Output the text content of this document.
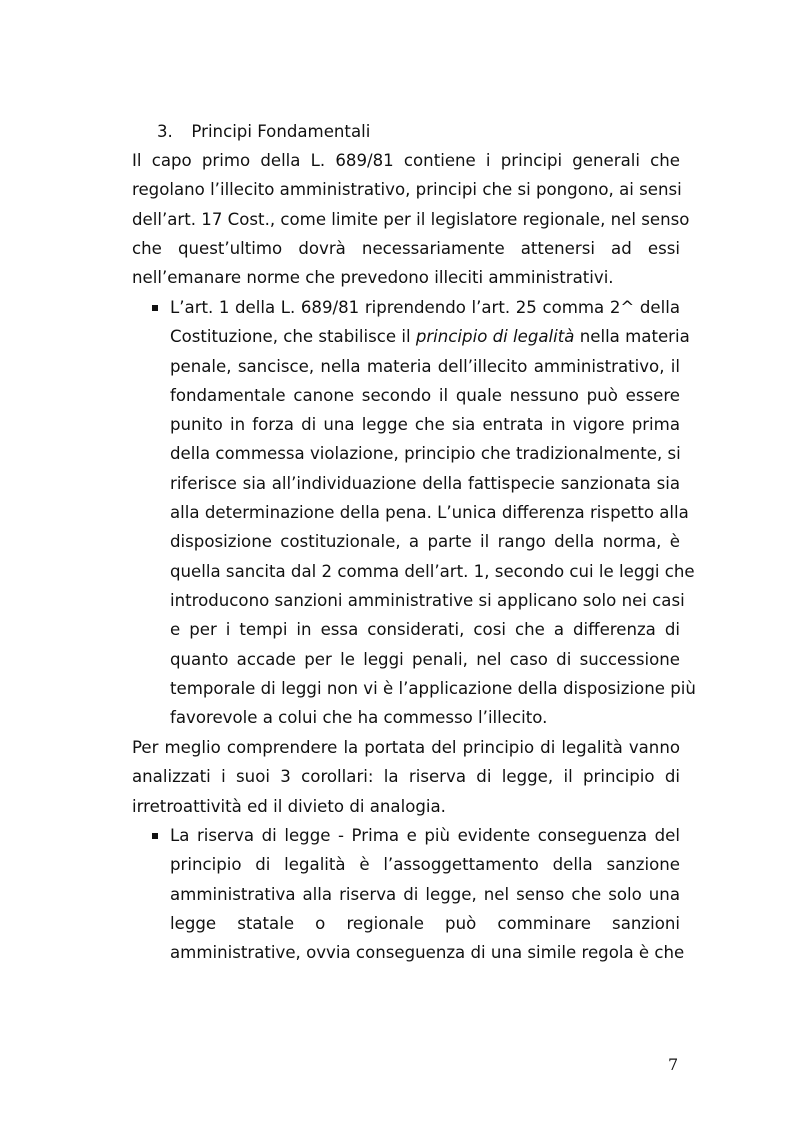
3. Principi Fondamentali
Il capo primo della L. 689/81 contiene i principi generali che
regolano l’illecito amministrativo, principi che si pongono, ai sensi
dell’art. 17 Cost., come limite per il legislatore regionale, nel senso
che quest’ultimo dovrà necessariamente attenersi ad essi
nell’emanare norme che prevedono illeciti amministrativi.
L’art. 1 della L. 689/81 riprendendo l’art. 25 comma 2^ della
Costituzione, che stabilisce il principio di legalità nella materia
penale, sancisce, nella materia dell’illecito amministrativo, il
fondamentale canone secondo il quale nessuno può essere
punito in forza di una legge che sia entrata in vigore prima
della commessa violazione, principio che tradizionalmente, si
riferisce sia all’individuazione della fattispecie sanzionata sia
alla determinazione della pena. L’unica differenza rispetto alla
disposizione costituzionale, a parte il rango della norma, è
quella sancita dal 2 comma dell’art. 1, secondo cui le leggi che
introducono sanzioni amministrative si applicano solo nei casi
e per i tempi in essa considerati, cosi che a differenza di
quanto accade per le leggi penali, nel caso di successione
temporale di leggi non vi è l’applicazione della disposizione più
favorevole a colui che ha commesso l’illecito.
Per meglio comprendere la portata del principio di legalità vanno
analizzati i suoi 3 corollari: la riserva di legge, il principio di
irretroattività ed il divieto di analogia.
La riserva di legge - Prima e più evidente conseguenza del
principio di legalità è l’assoggettamento della sanzione
amministrativa alla riserva di legge, nel senso che solo una
legge statale o regionale può comminare sanzioni
amministrative, ovvia conseguenza di una simile regola è che
7
